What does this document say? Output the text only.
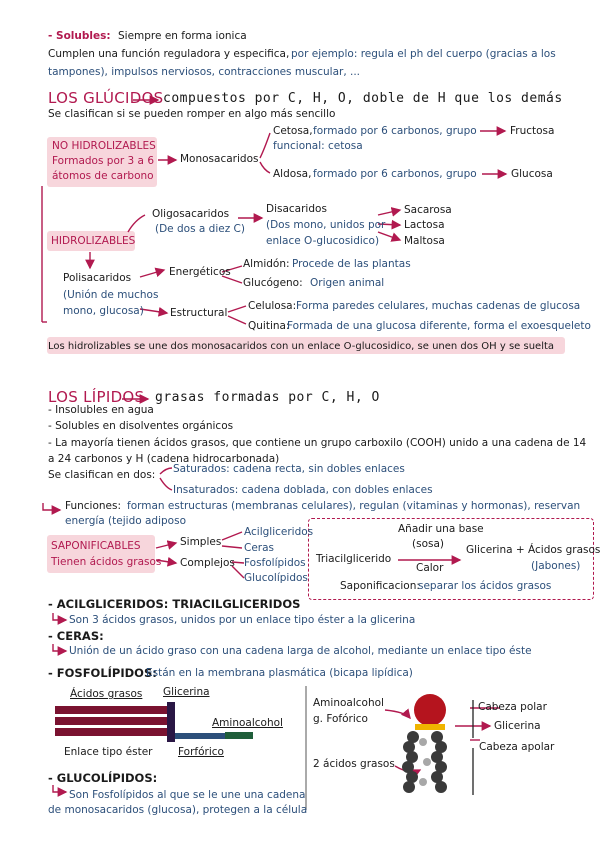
- Solubles: Siempre en forma ionica
Cumplen una función reguladora y especifica, por ejemplo: regula el ph del cuerpo (gracias a los
tampones), impulsos nerviosos, contracciones muscular, ...
LOS GLÚCIDOS compuestos por C, H, O, doble de H que los demás
Se clasifican si se pueden romper en algo más sencillo
NO HIDROLIZABLES
Formados por 3 a 6
átomos de carbono
Monosacaridos
Cetosa, formado por 6 carbonos, grupo
funcional: cetosa
Fructosa
Aldosa, formado por 6 carbonos, grupo	Glucosa
Oligosacaridos
(De dos a diez C)
Disacaridos
(Dos mono, unidos por
enlace O-glucosidico)
Sacarosa
Lactosa
Maltosa
HIDROLIZABLES
Polisacaridos
(Unión de muchos
mono, glucosa)
Energéticos
Almidón: Procede de las plantas
Glucógeno: Origen animal
Estructural
Celulosa: Forma paredes celulares, muchas cadenas de glucosa
Quitina:
Formada de una glucosa diferente, forma el exoesqueleto
Los hidrolizables se une dos monosacaridos con un enlace O-glucosidico, se unen dos OH y se suelta
LOS LÍPIDOS grasas formadas por C, H, O
- Insolubles en agua
- Solubles en disolventes orgánicos
- La mayoría tienen ácidos grasos, que contiene un grupo carboxilo (COOH) unido a una cadena de 14
a 24 carbonos y H (cadena hidrocarbonada)
Se clasifican en dos: Saturados: cadena recta, sin dobles enlaces
Insaturados: cadena doblada, con dobles enlaces
Funciones: forman estructuras (membranas celulares), regulan (vitaminas y hormonas), reservan
energía (tejido adiposo
SAPONIFICABLES
Tienen ácidos grasos
Simples
Complejos
Acilgliceridos
Ceras
Fosfolípidos
Glucolípidos
Añadir una base
(sosa)
Triacilglicerido
Calor
Glicerina + Ácidos grasos
(Jabones)
Saponificacion:
separar los ácidos grasos
- ACILGLICERIDOS: TRIACILGLICERIDOS
Son 3 ácidos grasos, unidos por un enlace tipo éster a la glicerina
- CERAS:
Unión de un ácido graso con una cadena larga de alcohol, mediante un enlace tipo éste
- FOSFOLÍPIDOS:
Están en la membrana plasmática (bicapa lipídica)
Ácidos grasos Glicerina
Aminoalcohol
Enlace tipo éster Forfórico
Aminoalcohol
g. Fofórico
2 ácidos grasos
Cabeza polar
Glicerina
Cabeza apolar
- GLUCOLÍPIDOS:
Son Fosfolípidos al que se le une una cadena
de monosacaridos (glucosa), protegen a la célula
